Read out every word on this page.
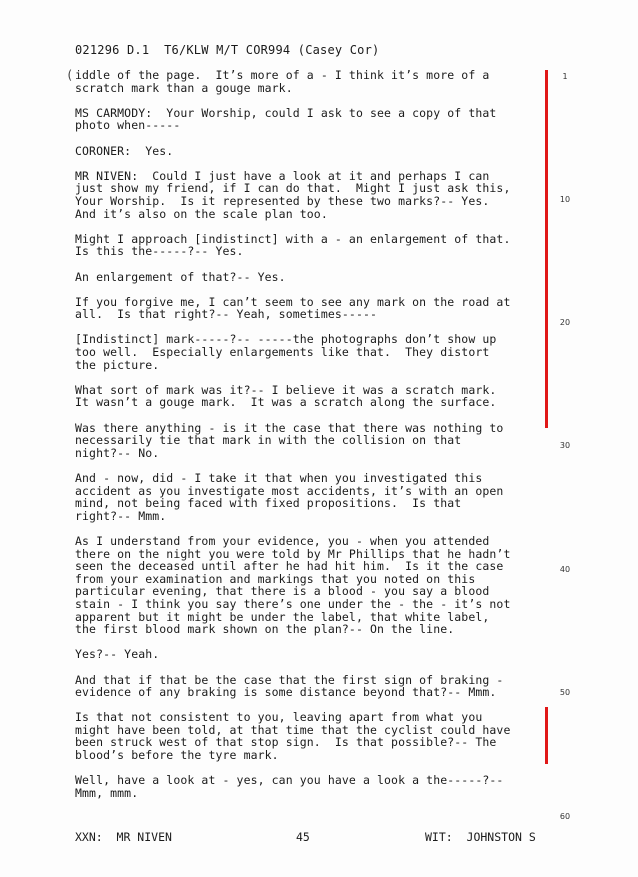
021296 D.1 T6/KLW M/T COR994 (Casey Cor)
( iddle of the page.  It’s more of a - I think it’s more of a
scratch mark than a gouge mark.

MS CARMODY:  Your Worship, could I ask to see a copy of that
photo when-----

CORONER:  Yes.

MR NIVEN:  Could I just have a look at it and perhaps I can
just show my friend, if I can do that.  Might I just ask this,
Your Worship.  Is it represented by these two marks?-- Yes.
And it’s also on the scale plan too.

Might I approach [indistinct] with a - an enlargement of that.
Is this the-----?-- Yes.

An enlargement of that?-- Yes.

If you forgive me, I can’t seem to see any mark on the road at
all.  Is that right?-- Yeah, sometimes-----

[Indistinct] mark-----?-- -----the photographs don’t show up
too well.  Especially enlargements like that.  They distort
the picture.

What sort of mark was it?-- I believe it was a scratch mark.
It wasn’t a gouge mark.  It was a scratch along the surface.

Was there anything - is it the case that there was nothing to
necessarily tie that mark in with the collision on that
night?-- No.

And - now, did - I take it that when you investigated this
accident as you investigate most accidents, it’s with an open
mind, not being faced with fixed propositions.  Is that
right?-- Mmm.

As I understand from your evidence, you - when you attended
there on the night you were told by Mr Phillips that he hadn’t
seen the deceased until after he had hit him.  Is it the case
from your examination and markings that you noted on this
particular evening, that there is a blood - you say a blood
stain - I think you say there’s one under the - the - it’s not
apparent but it might be under the label, that white label,
the first blood mark shown on the plan?-- On the line.

Yes?-- Yeah.

And that if that be the case that the first sign of braking -
evidence of any braking is some distance beyond that?-- Mmm.

Is that not consistent to you, leaving apart from what you
might have been told, at that time that the cyclist could have
been struck west of that stop sign.  Is that possible?-- The
blood’s before the tyre mark.

Well, have a look at - yes, can you have a look a the-----?--
Mmm, mmm.

1
10
20
30
40
50
60
XXN:  MR NIVEN	45	WIT:  JOHNSTON S
